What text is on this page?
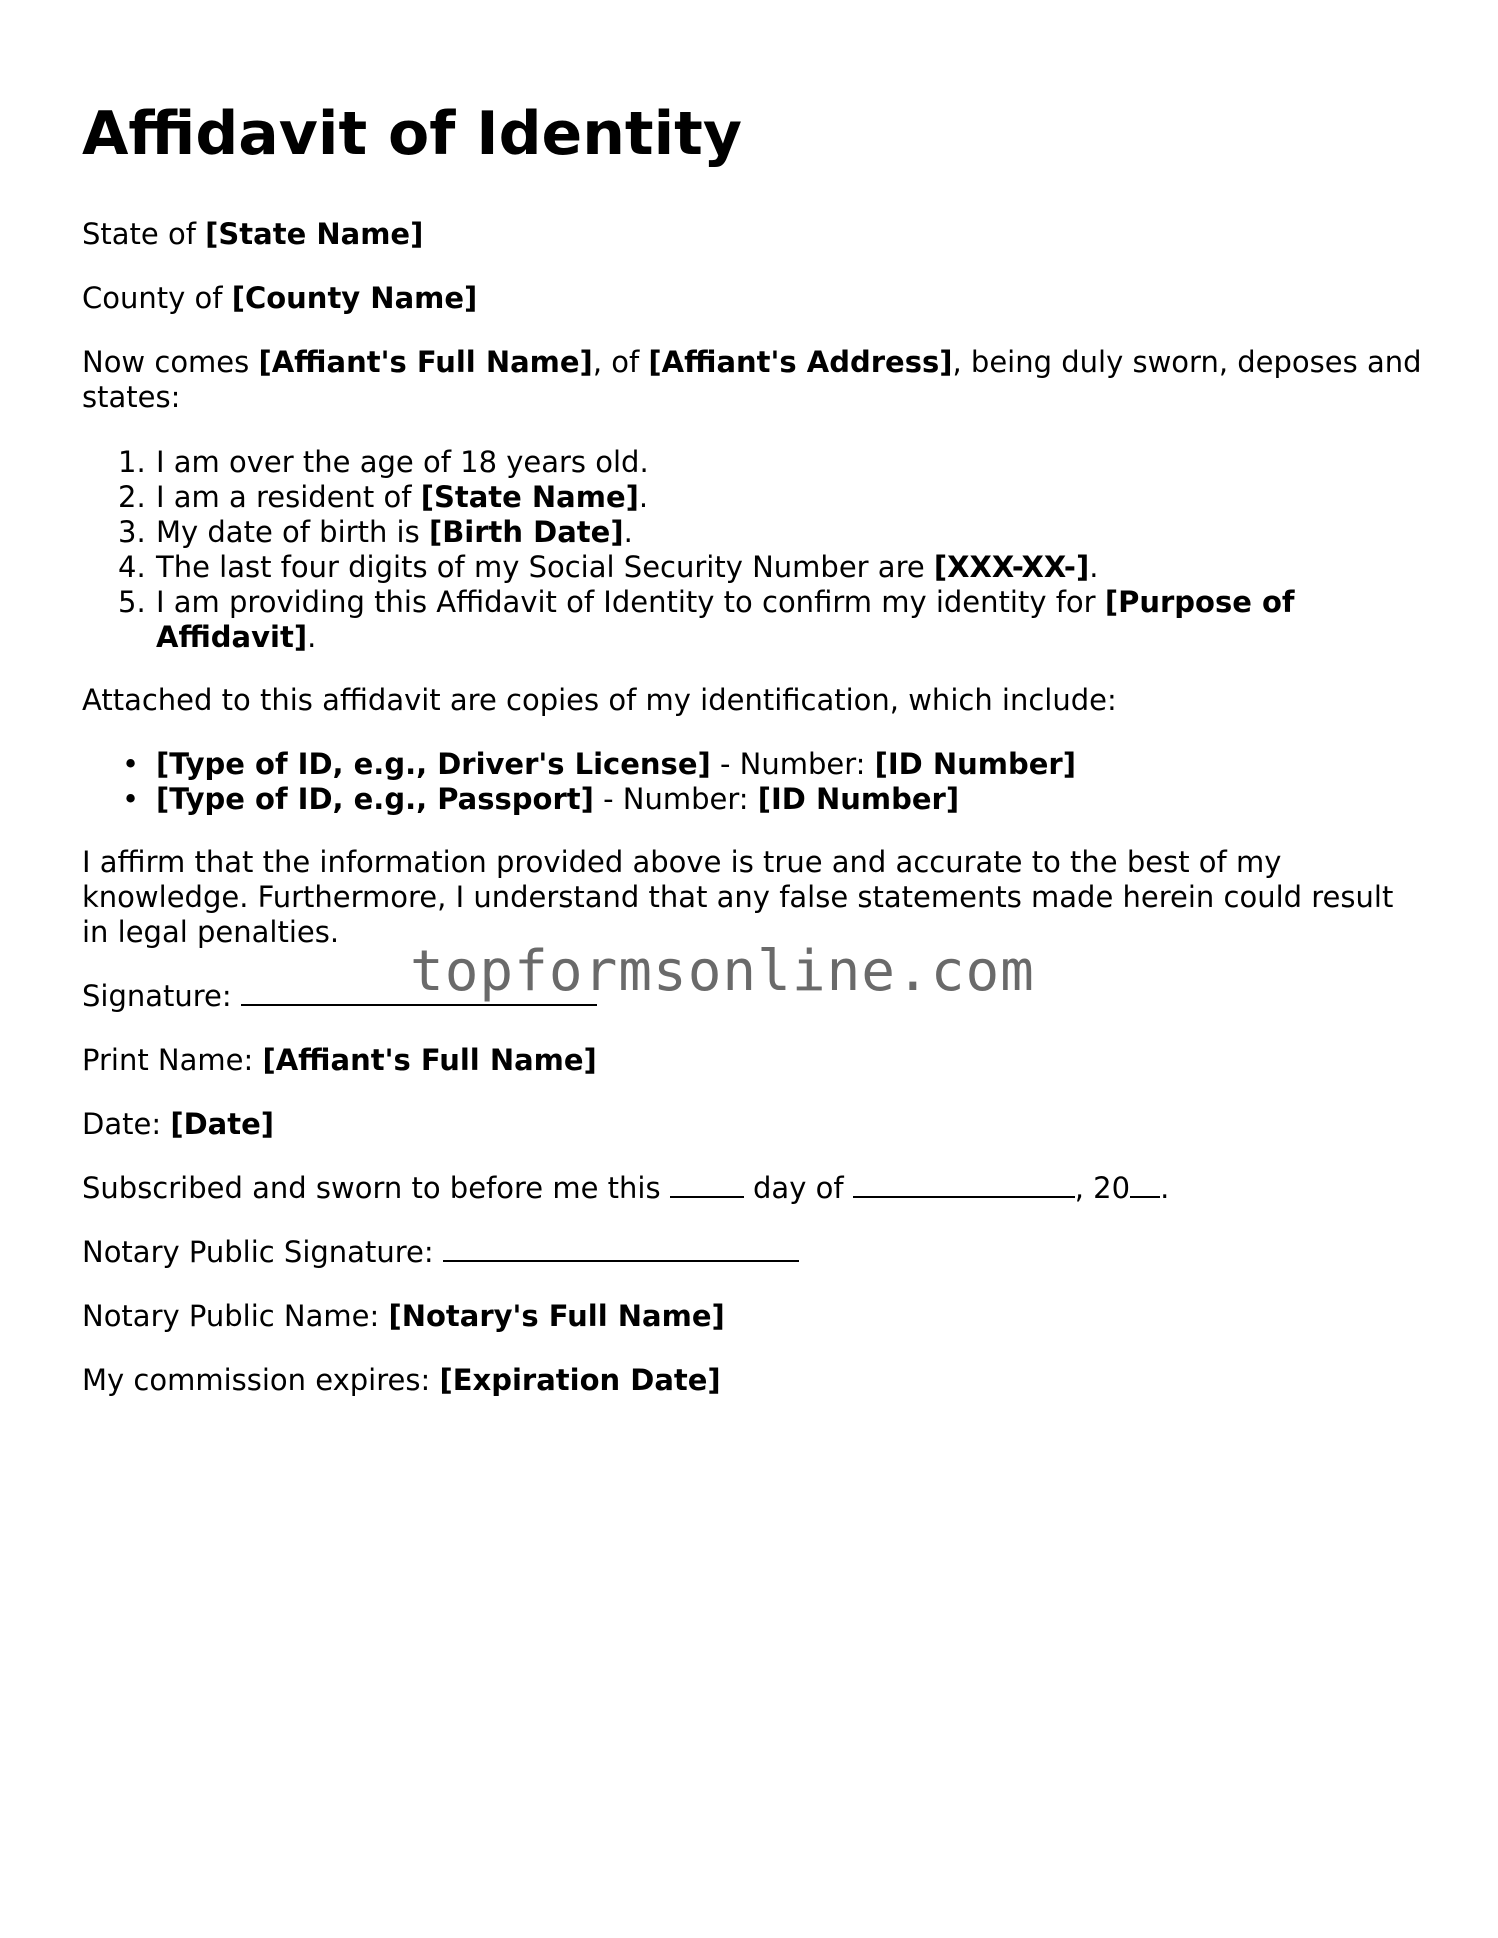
Affidavit of Identity
State of [State Name]
County of [County Name]
Now comes [Affiant's Full Name], of [Affiant's Address], being duly sworn, deposes and states:
1. I am over the age of 18 years old.
2. I am a resident of [State Name].
3. My date of birth is [Birth Date].
4. The last four digits of my Social Security Number are [XXX-XX-].
5. I am providing this Affidavit of Identity to confirm my identity for [Purpose of Affidavit].
Attached to this affidavit are copies of my identification, which include:
• [Type of ID, e.g., Driver's License] - Number: [ID Number]
• [Type of ID, e.g., Passport] - Number: [ID Number]
I affirm that the information provided above is true and accurate to the best of my knowledge. Furthermore, I understand that any false statements made herein could result in legal penalties.
Signature:
Print Name: [Affiant's Full Name]
Date: [Date]
Subscribed and sworn to before me this	day of	, 20 .
Notary Public Signature:
Notary Public Name: [Notary's Full Name]
My commission expires: [Expiration Date]
topformsonline.com
